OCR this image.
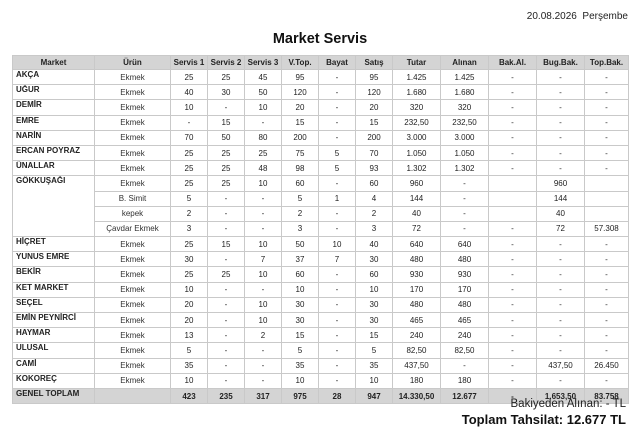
20.08.2026 Perşembe
Market Servis
Market	Ürün	Servis 1	Servis 2	Servis 3	V.Top.	Bayat	Satış	Tutar	Alınan	Bak.Al.	Bug.Bak.	Top.Bak.
AKÇA	Ekmek	25	25	45	95	-	95	1.425	1.425	-	-	-
UĞUR	Ekmek	40	30	50	120	-	120	1.680	1.680	-	-	-
DEMİR	Ekmek	10	-	10	20	-	20	320	320	-	-	-
EMRE	Ekmek	-	15	-	15	-	15	232,50	232,50	-	-	-
NARİN	Ekmek	70	50	80	200	-	200	3.000	3.000	-	-	-
ERCAN POYRAZ	Ekmek	25	25	25	75	5	70	1.050	1.050	-	-	-
ÜNALLAR	Ekmek	25	25	48	98	5	93	1.302	1.302	-	-	-
GÖKKUŞAĞI	Ekmek	25	25	10	60	-	60	960	-		960	
	B. Simit	5	-	-	5	1	4	144	-		144	
	kepek	2	-	-	2	-	2	40	-		40	
	Çavdar Ekmek	3	-	-	3	-	3	72	-	-	72	57.308
HİÇRET	Ekmek	25	15	10	50	10	40	640	640	-	-	-
YUNUS EMRE	Ekmek	30	-	7	37	7	30	480	480	-	-	-
BEKİR	Ekmek	25	25	10	60	-	60	930	930	-	-	-
KET MARKET	Ekmek	10	-	-	10	-	10	170	170	-	-	-
SEÇEL	Ekmek	20	-	10	30	-	30	480	480	-	-	-
EMİN PEYNİRCİ	Ekmek	20	-	10	30	-	30	465	465	-	-	-
HAYMAR	Ekmek	13	-	2	15	-	15	240	240	-	-	-
ULUSAL	Ekmek	5	-	-	5	-	5	82,50	82,50	-	-	-
CAMİ	Ekmek	35	-	-	35	-	35	437,50	-	-	437,50	26.450
KOKOREÇ	Ekmek	10	-	-	10	-	10	180	180	-	-	-
GENEL TOPLAM		423	235	317	975	28	947	14.330,50	12.677	-	1.653,50	83.758
Bakiyeden Alınan: - TL
Toplam Tahsilat: 12.677 TL
